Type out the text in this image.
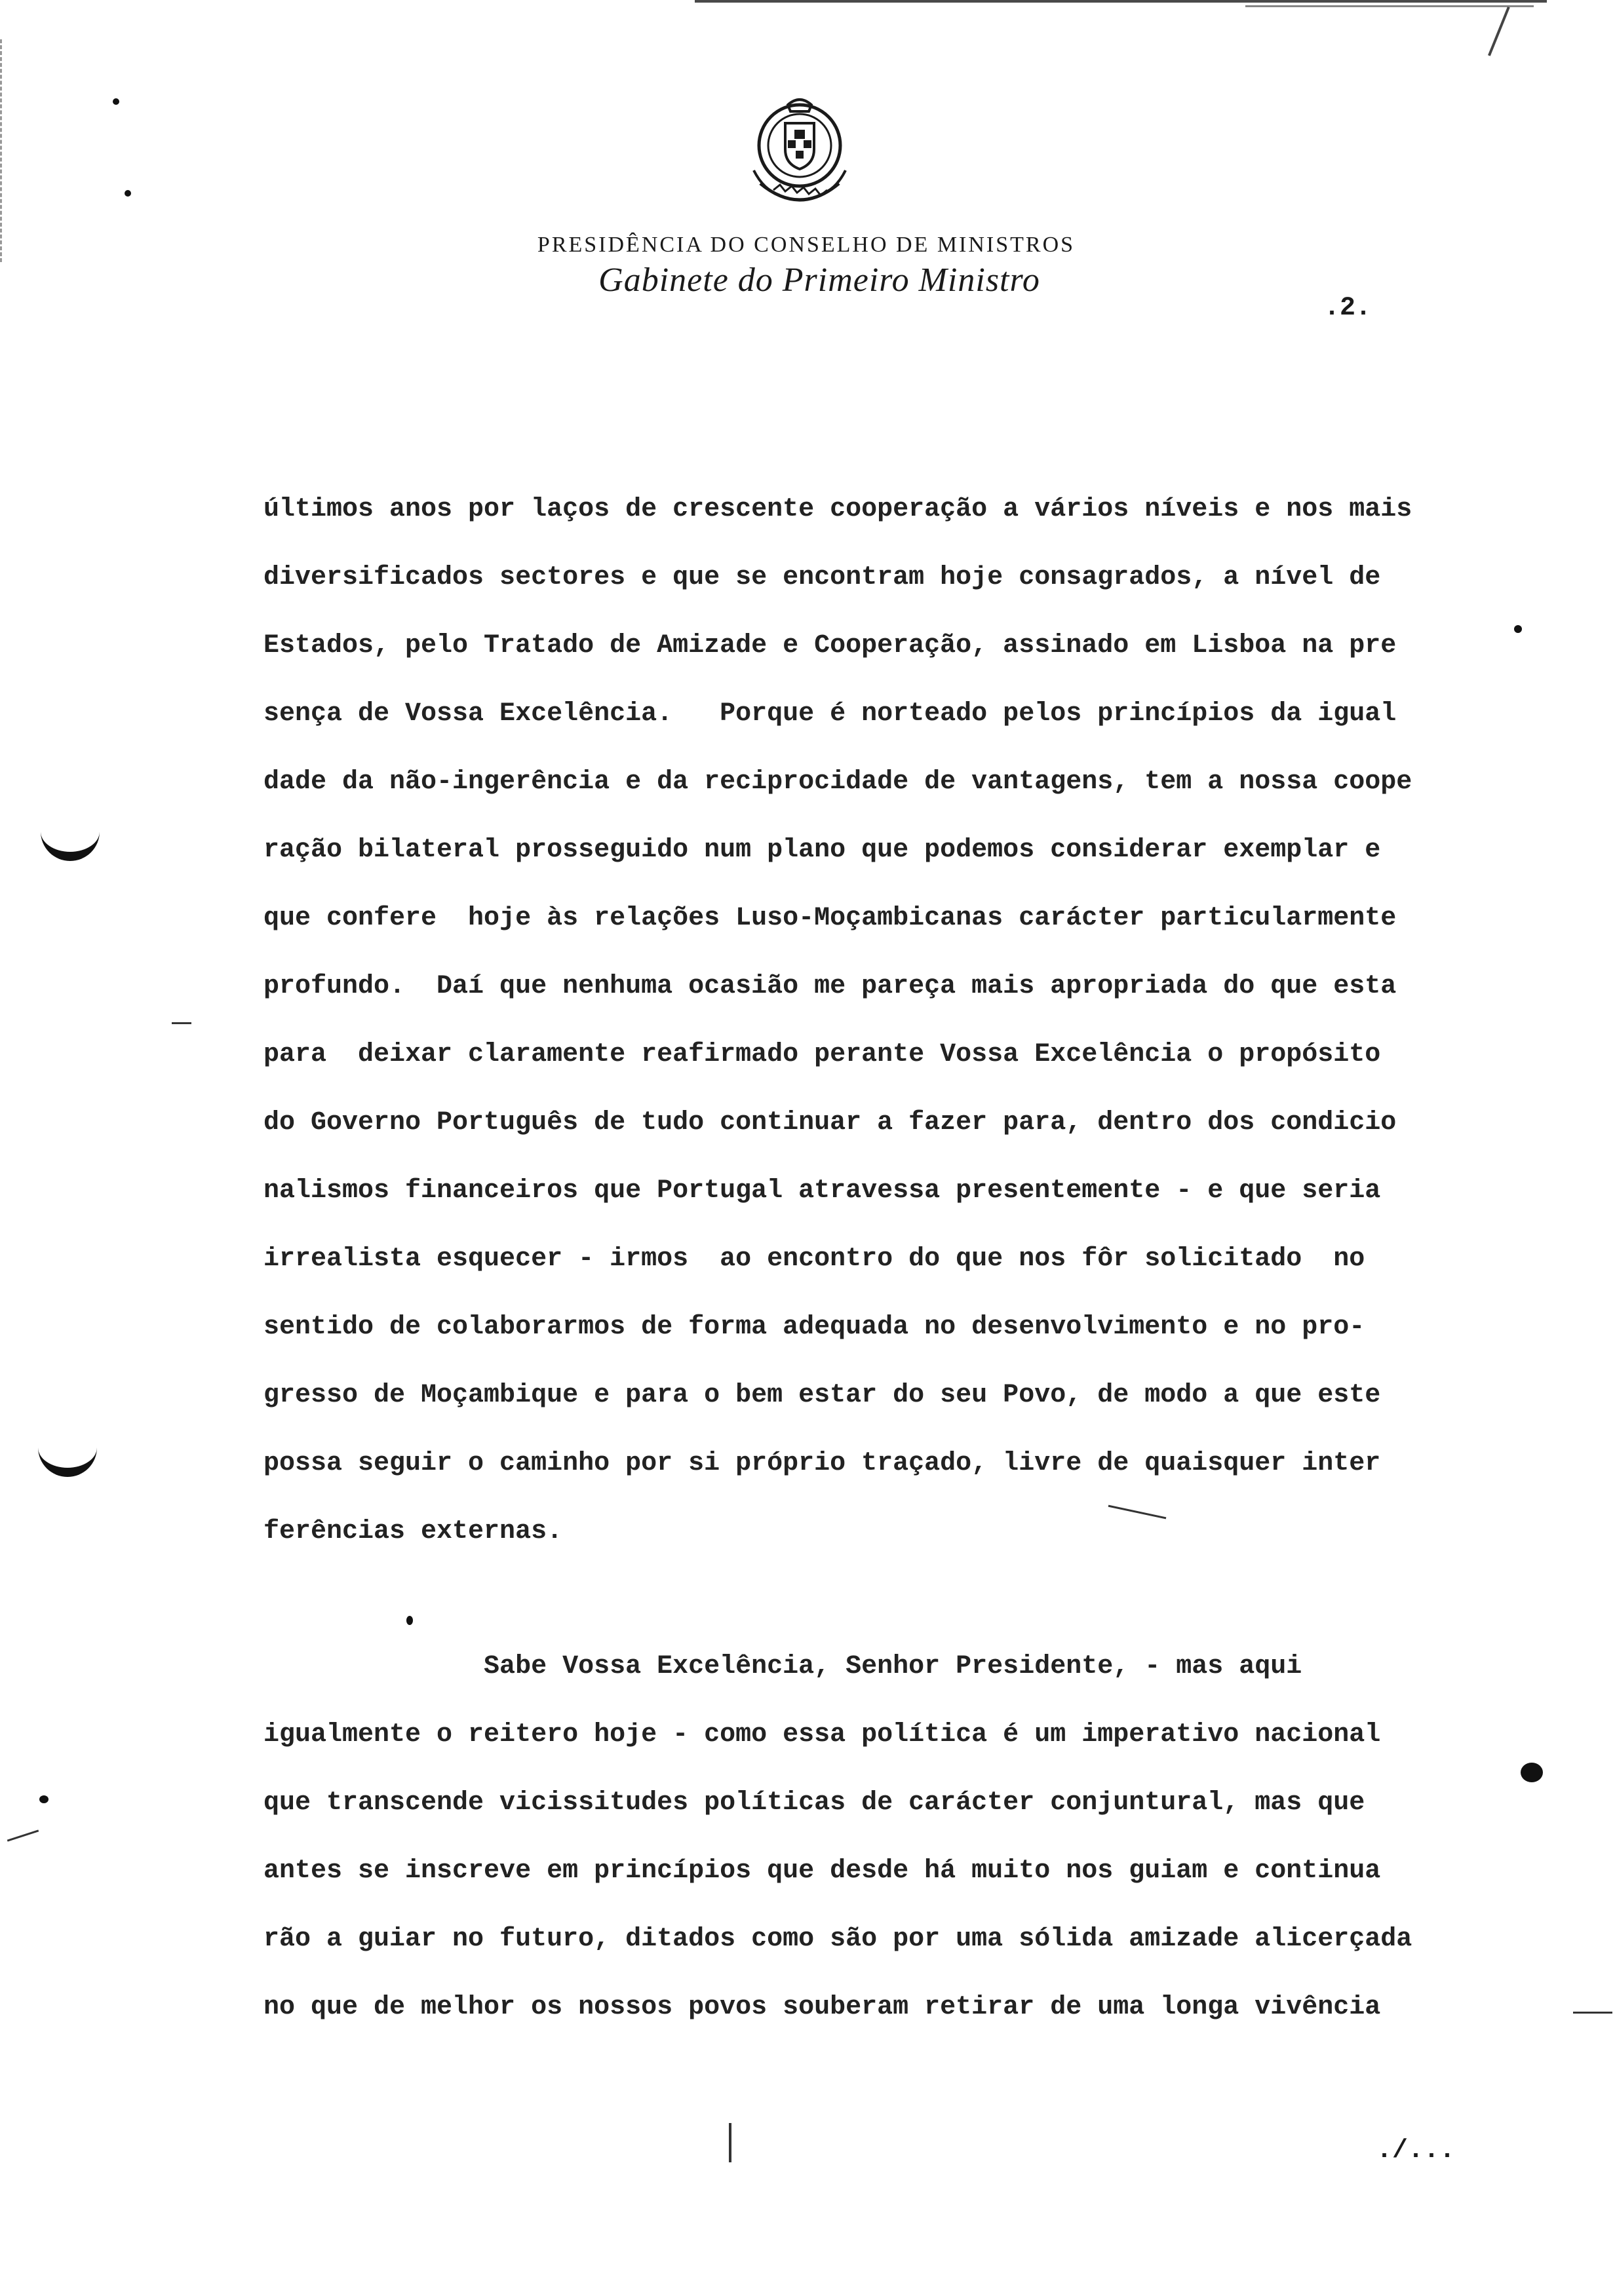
PRESIDÊNCIA DO CONSELHO DE MINISTROS
Gabinete do Primeiro Ministro
.2.
últimos anos por laços de crescente cooperação a vários níveis e nos mais
diversificados sectores e que se encontram hoje consagrados, a nível de
Estados, pelo Tratado de Amizade e Cooperação, assinado em Lisboa na pre
sença de Vossa Excelência.   Porque é norteado pelos princípios da igual
dade da não-ingerência e da reciprocidade de vantagens, tem a nossa coope
ração bilateral prosseguido num plano que podemos considerar exemplar e
que confere  hoje às relações Luso-Moçambicanas carácter particularmente
profundo.  Daí que nenhuma ocasião me pareça mais apropriada do que esta
para  deixar claramente reafirmado perante Vossa Excelência o propósito
do Governo Português de tudo continuar a fazer para, dentro dos condicio
nalismos financeiros que Portugal atravessa presentemente - e que seria
irrealista esquecer - irmos  ao encontro do que nos fôr solicitado  no
sentido de colaborarmos de forma adequada no desenvolvimento e no pro-
gresso de Moçambique e para o bem estar do seu Povo, de modo a que este
possa seguir o caminho por si próprio traçado, livre de quaisquer inter
ferências externas.
Sabe Vossa Excelência, Senhor Presidente, - mas aqui
igualmente o reitero hoje - como essa política é um imperativo nacional
que transcende vicissitudes políticas de carácter conjuntural, mas que
antes se inscreve em princípios que desde há muito nos guiam e continua
rão a guiar no futuro, ditados como são por uma sólida amizade alicerçada
no que de melhor os nossos povos souberam retirar de uma longa vivência
./...
